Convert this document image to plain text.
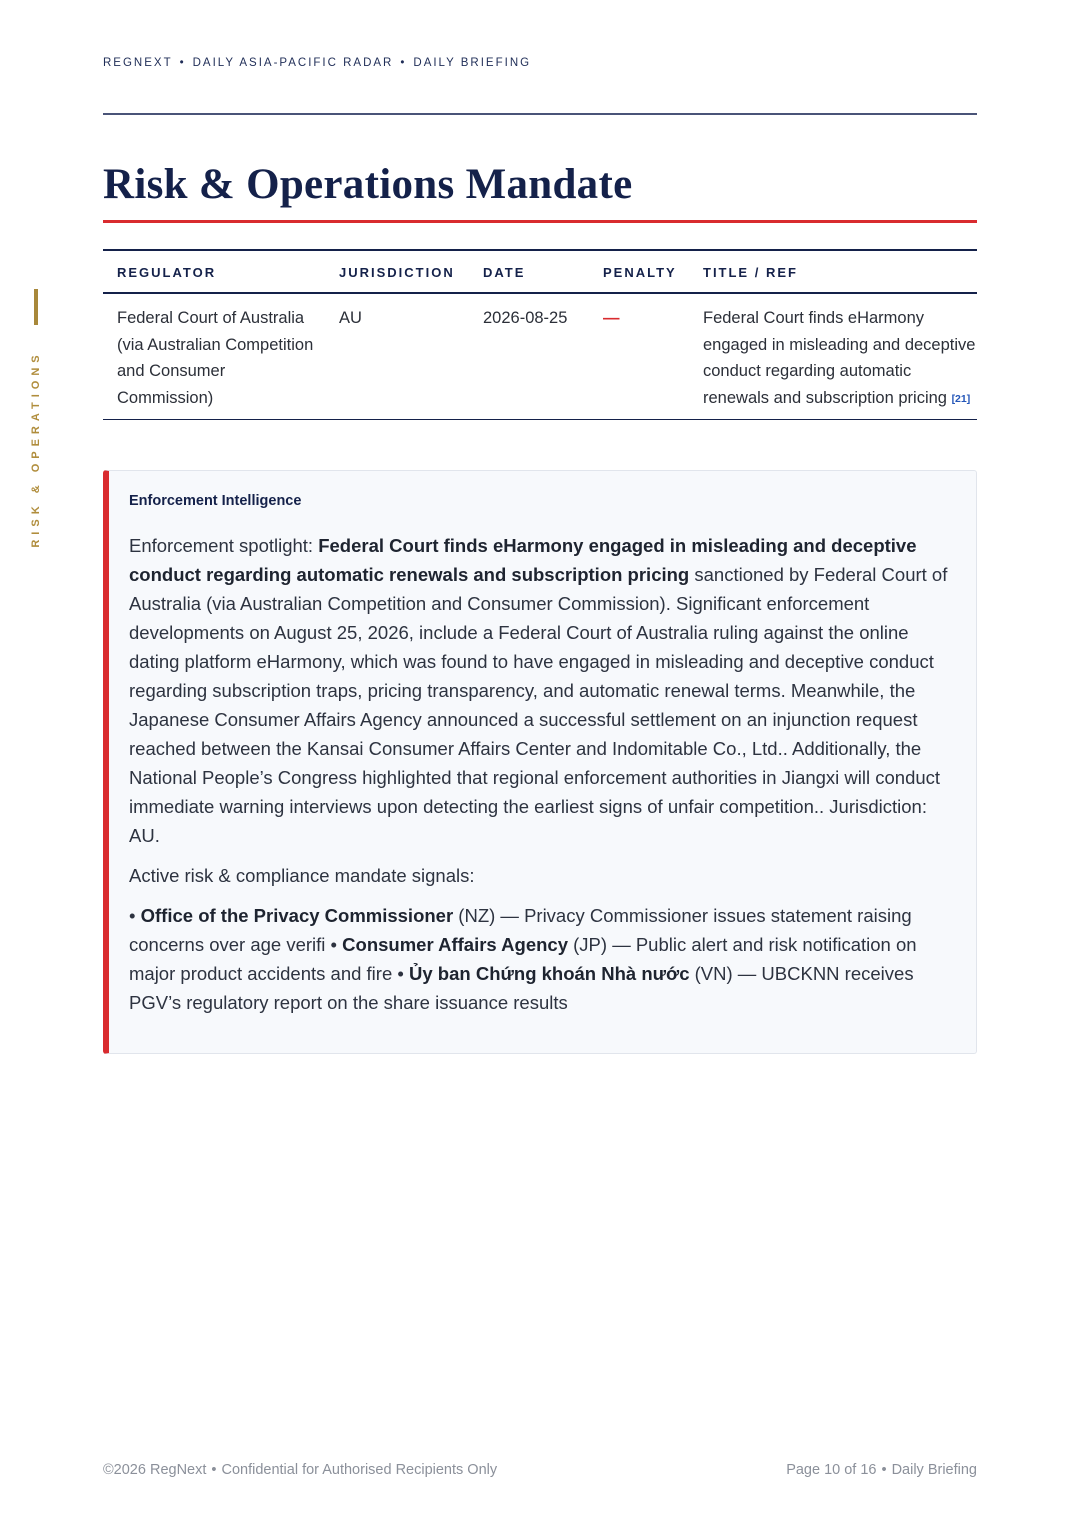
REGNEXT • DAILY ASIA-PACIFIC RADAR • DAILY BRIEFING
RISK & OPERATIONS
Risk & Operations Mandate
REGULATOR	JURISDICTION	DATE	PENALTY	TITLE / REF
Federal Court of Australia (via Australian Competition and Consumer Commission)	AU	2026-08-25	—	Federal Court finds eHarmony engaged in misleading and deceptive conduct regarding automatic renewals and subscription pricing [21]
Enforcement Intelligence

Enforcement spotlight: Federal Court finds eHarmony engaged in misleading and deceptive conduct regarding automatic renewals and subscription pricing sanctioned by Federal Court of Australia (via Australian Competition and Consumer Commission). Significant enforcement developments on August 25, 2026, include a Federal Court of Australia ruling against the online dating platform eHarmony, which was found to have engaged in misleading and deceptive conduct regarding subscription traps, pricing transparency, and automatic renewal terms. Meanwhile, the Japanese Consumer Affairs Agency announced a successful settlement on an injunction request reached between the Kansai Consumer Affairs Center and Indomitable Co., Ltd.. Additionally, the National People’s Congress highlighted that regional enforcement authorities in Jiangxi will conduct immediate warning interviews upon detecting the earliest signs of unfair competition.. Jurisdiction: AU.

Active risk & compliance mandate signals:

• Office of the Privacy Commissioner (NZ) — Privacy Commissioner issues statement raising concerns over age verifi • Consumer Affairs Agency (JP) — Public alert and risk notification on major product accidents and fire • Ủy ban Chứng khoán Nhà nước (VN) — UBCKNN receives PGV’s regulatory report on the share issuance results

©2026 RegNext • Confidential for Authorised Recipients Only	Page 10 of 16 • Daily Briefing
